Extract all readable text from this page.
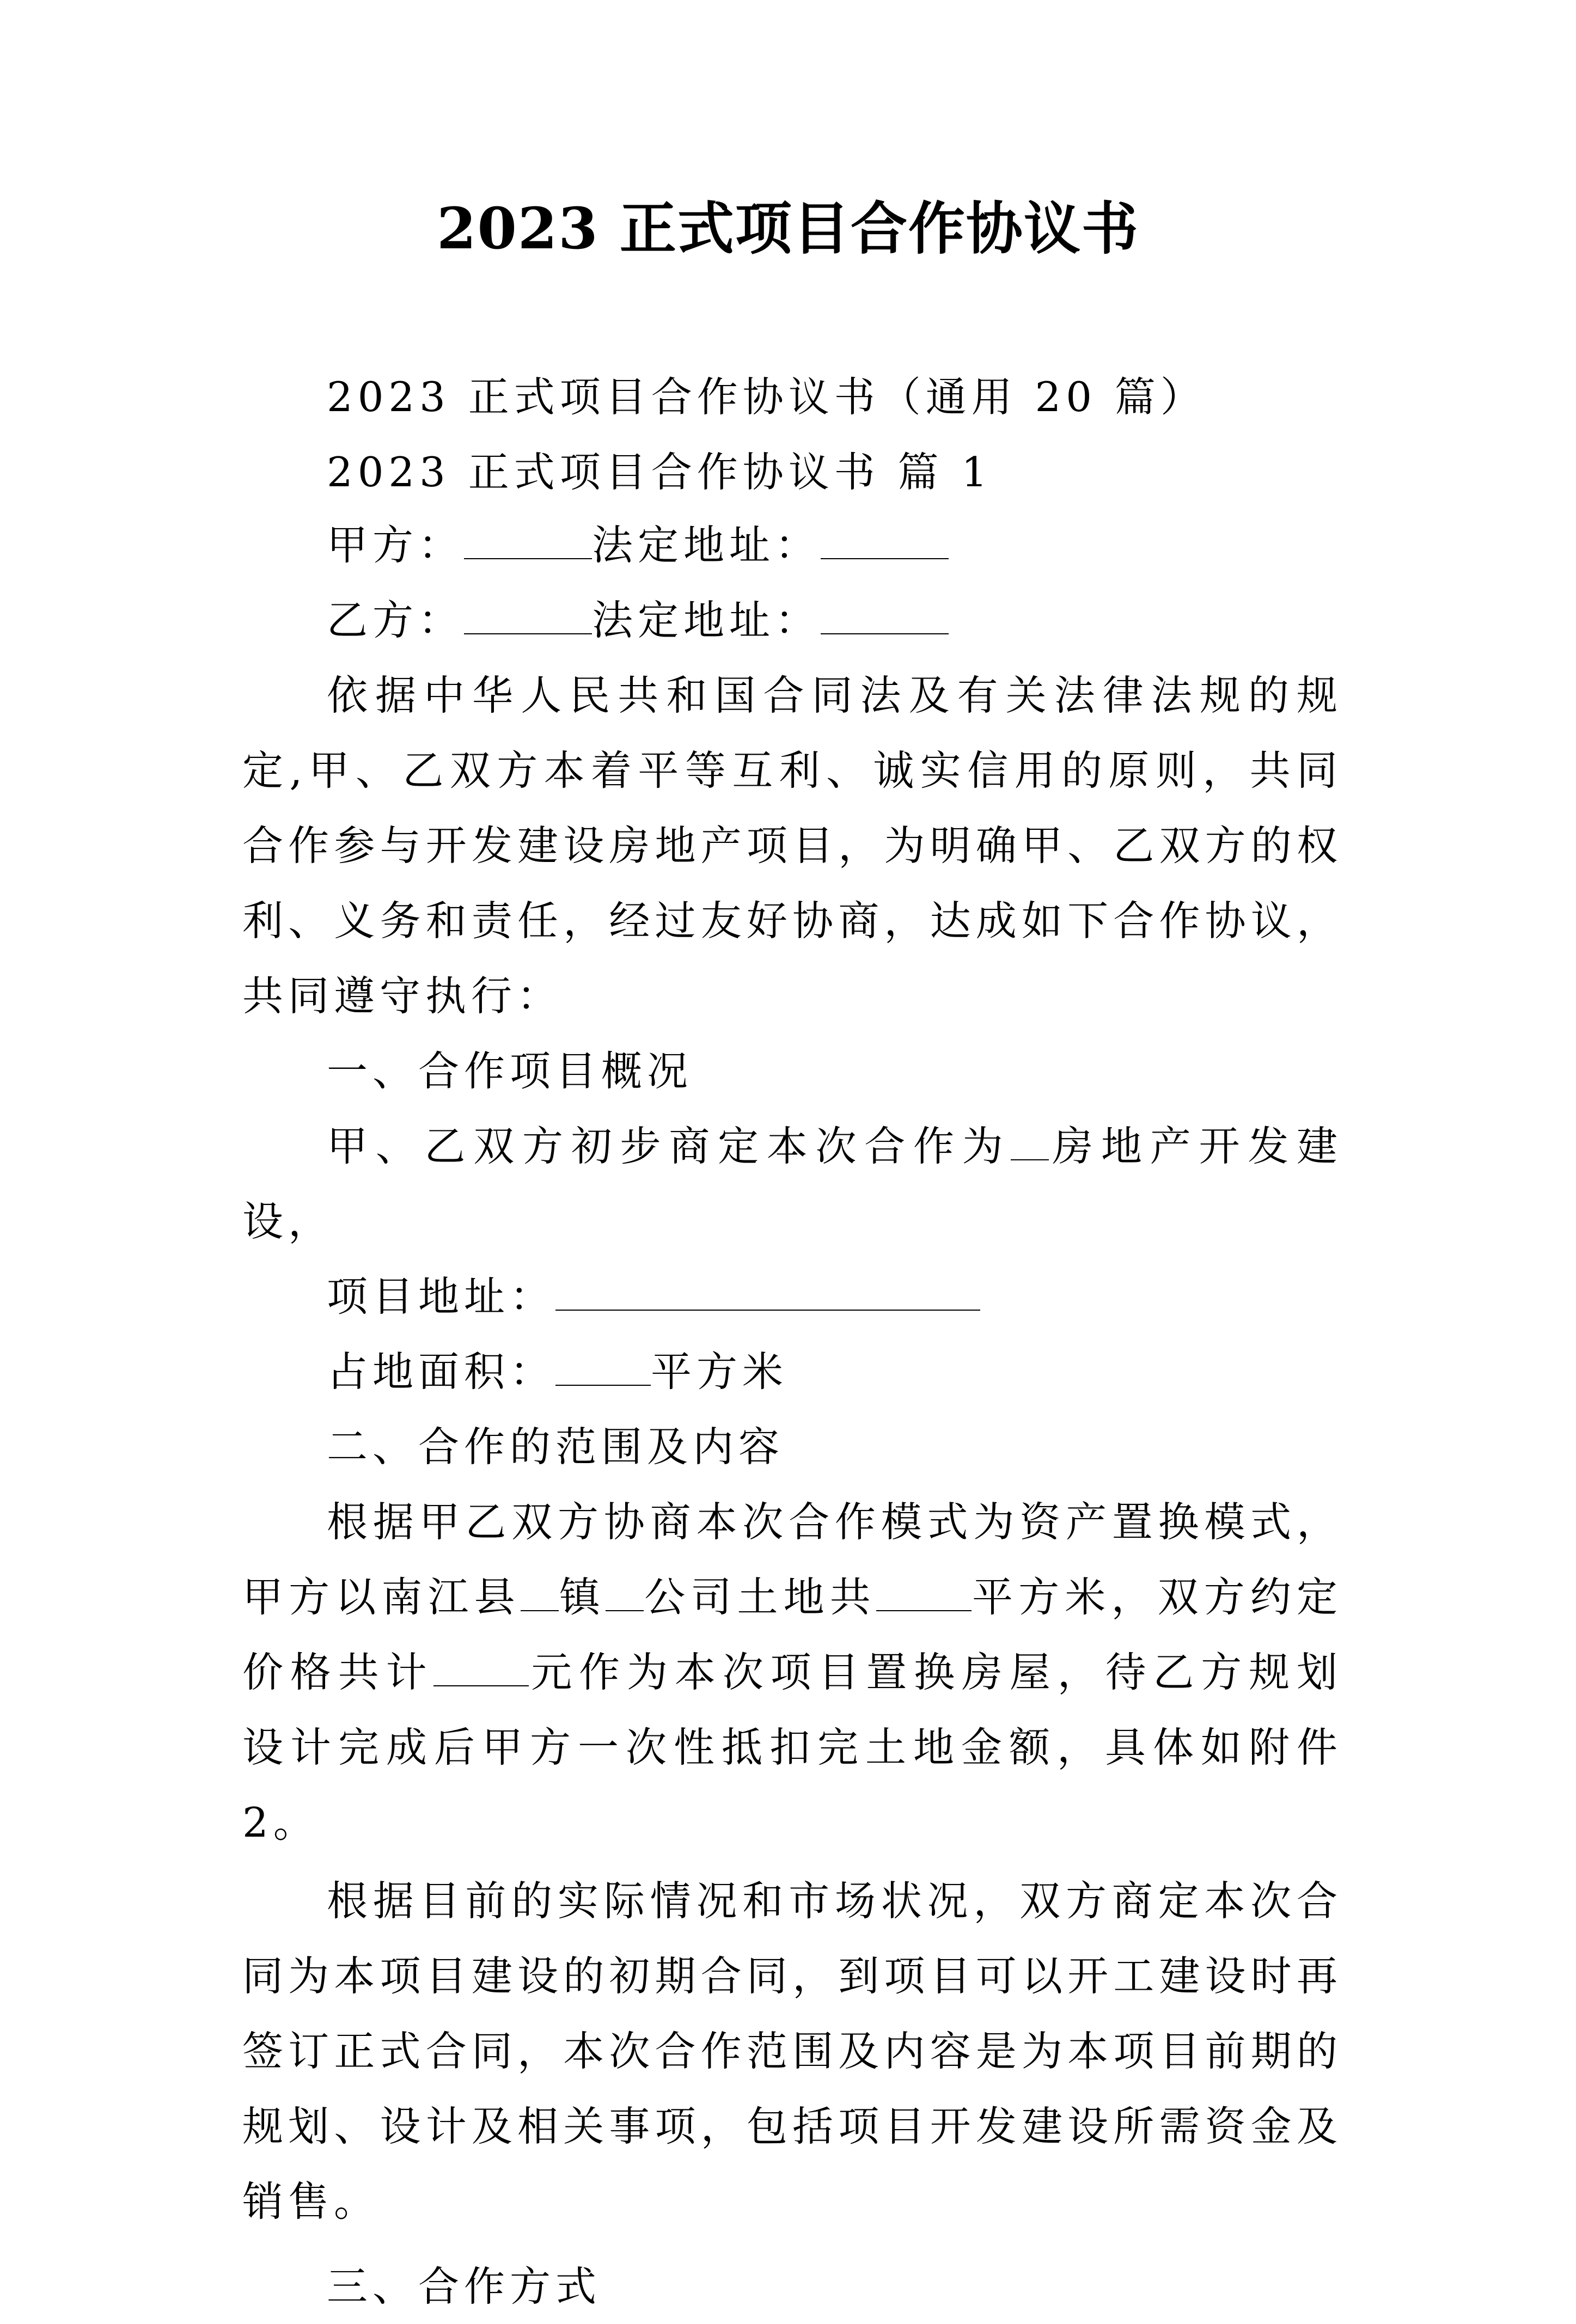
2023 正式项目合作协议书

2023 正式项目合作协议书（通用 20 篇）

2023 正式项目合作协议书 篇 1

甲方：	法定地址：

乙方：	法定地址：

依据中华人民共和国合同法及有关法律法规的规定,甲、乙双方本着平等互利、诚实信用的原则，共同合作参与开发建设房地产项目，为明确甲、乙双方的权利、义务和责任，经过友好协商，达成如下合作协议，共同遵守执行：

一、合作项目概况

甲、乙双方初步商定本次合作为 房地产开发建设，

项目地址：

占地面积： 平方米

二、合作的范围及内容

根据甲乙双方协商本次合作模式为资产置换模式，甲方以南江县 镇 公司土地共 平方米，双方约定价格共计 元作为本次项目置换房屋，待乙方规划设计完成后甲方一次性抵扣完土地金额，具体如附件 2。

根据目前的实际情况和市场状况，双方商定本次合同为本项目建设的初期合同，到项目可以开工建设时再签订正式合同，本次合作范围及内容是为本项目前期的规划、设计及相关事项，包括项目开发建设所需资金及销售。

三、合作方式
